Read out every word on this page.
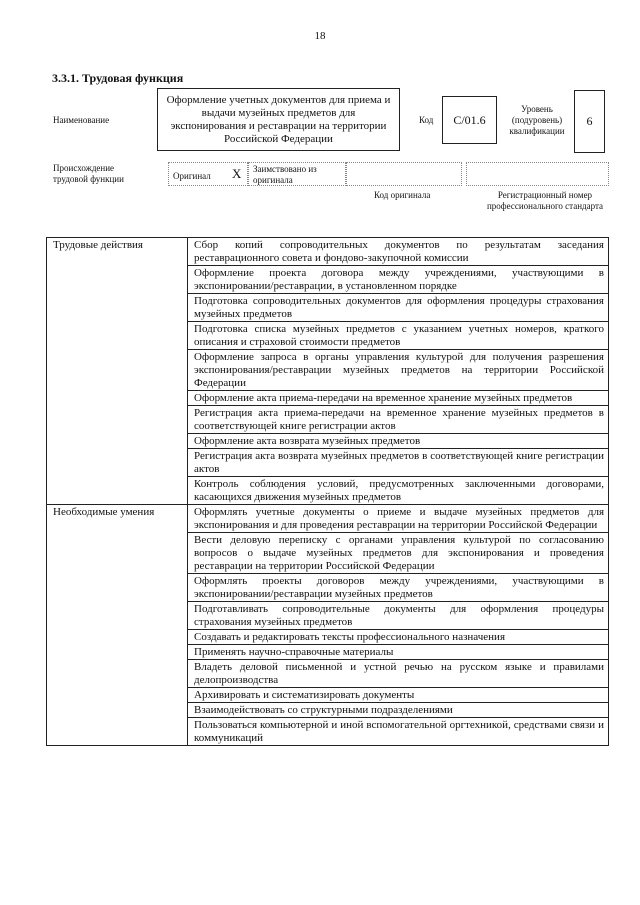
18
3.3.1. Трудовая функция
Наименование
Оформление учетных документов для приема и выдачи музейных предметов для экспонирования и реставрации на территории Российской Федерации
Код С/01.6
Уровень (подуровень) квалификации
6
Происхождение трудовой функции	Оригинал X Заимствовано из оригинала
Код оригинала	Регистрационный номер профессионального стандарта
Трудовые действия	Сбор копий сопроводительных документов по результатам заседания реставрационного совета и фондово-закупочной комиссии
	Оформление проекта договора между учреждениями, участвующими в экспонировании/реставрации, в установленном порядке
	Подготовка сопроводительных документов для оформления процедуры страхования музейных предметов
	Подготовка списка музейных предметов с указанием учетных номеров, краткого описания и страховой стоимости предметов
	Оформление запроса в органы управления культурой для получения разрешения экспонирования/реставрации музейных предметов на территории Российской Федерации
	Оформление акта приема-передачи на временное хранение музейных предметов
	Регистрация акта приема-передачи на временное хранение музейных предметов в соответствующей книге регистрации актов
	Оформление акта возврата музейных предметов
	Регистрация акта возврата музейных предметов в соответствующей книге регистрации актов
	Контроль соблюдения условий, предусмотренных заключенными договорами, касающихся движения музейных предметов
Необходимые умения	Оформлять учетные документы о приеме и выдаче музейных предметов для экспонирования и для проведения реставрации на территории Российской Федерации
	Вести деловую переписку с органами управления культурой по согласованию вопросов о выдаче музейных предметов для экспонирования и проведения реставрации на территории Российской Федерации
	Оформлять проекты договоров между учреждениями, участвующими в экспонировании/реставрации музейных предметов
	Подготавливать сопроводительные документы для оформления процедуры страхования музейных предметов
	Создавать и редактировать тексты профессионального назначения
	Применять научно-справочные материалы
	Владеть деловой письменной и устной речью на русском языке и правилами делопроизводства
	Архивировать и систематизировать документы
	Взаимодействовать со структурными подразделениями
	Пользоваться компьютерной и иной вспомогательной оргтехникой, средствами связи и коммуникаций
